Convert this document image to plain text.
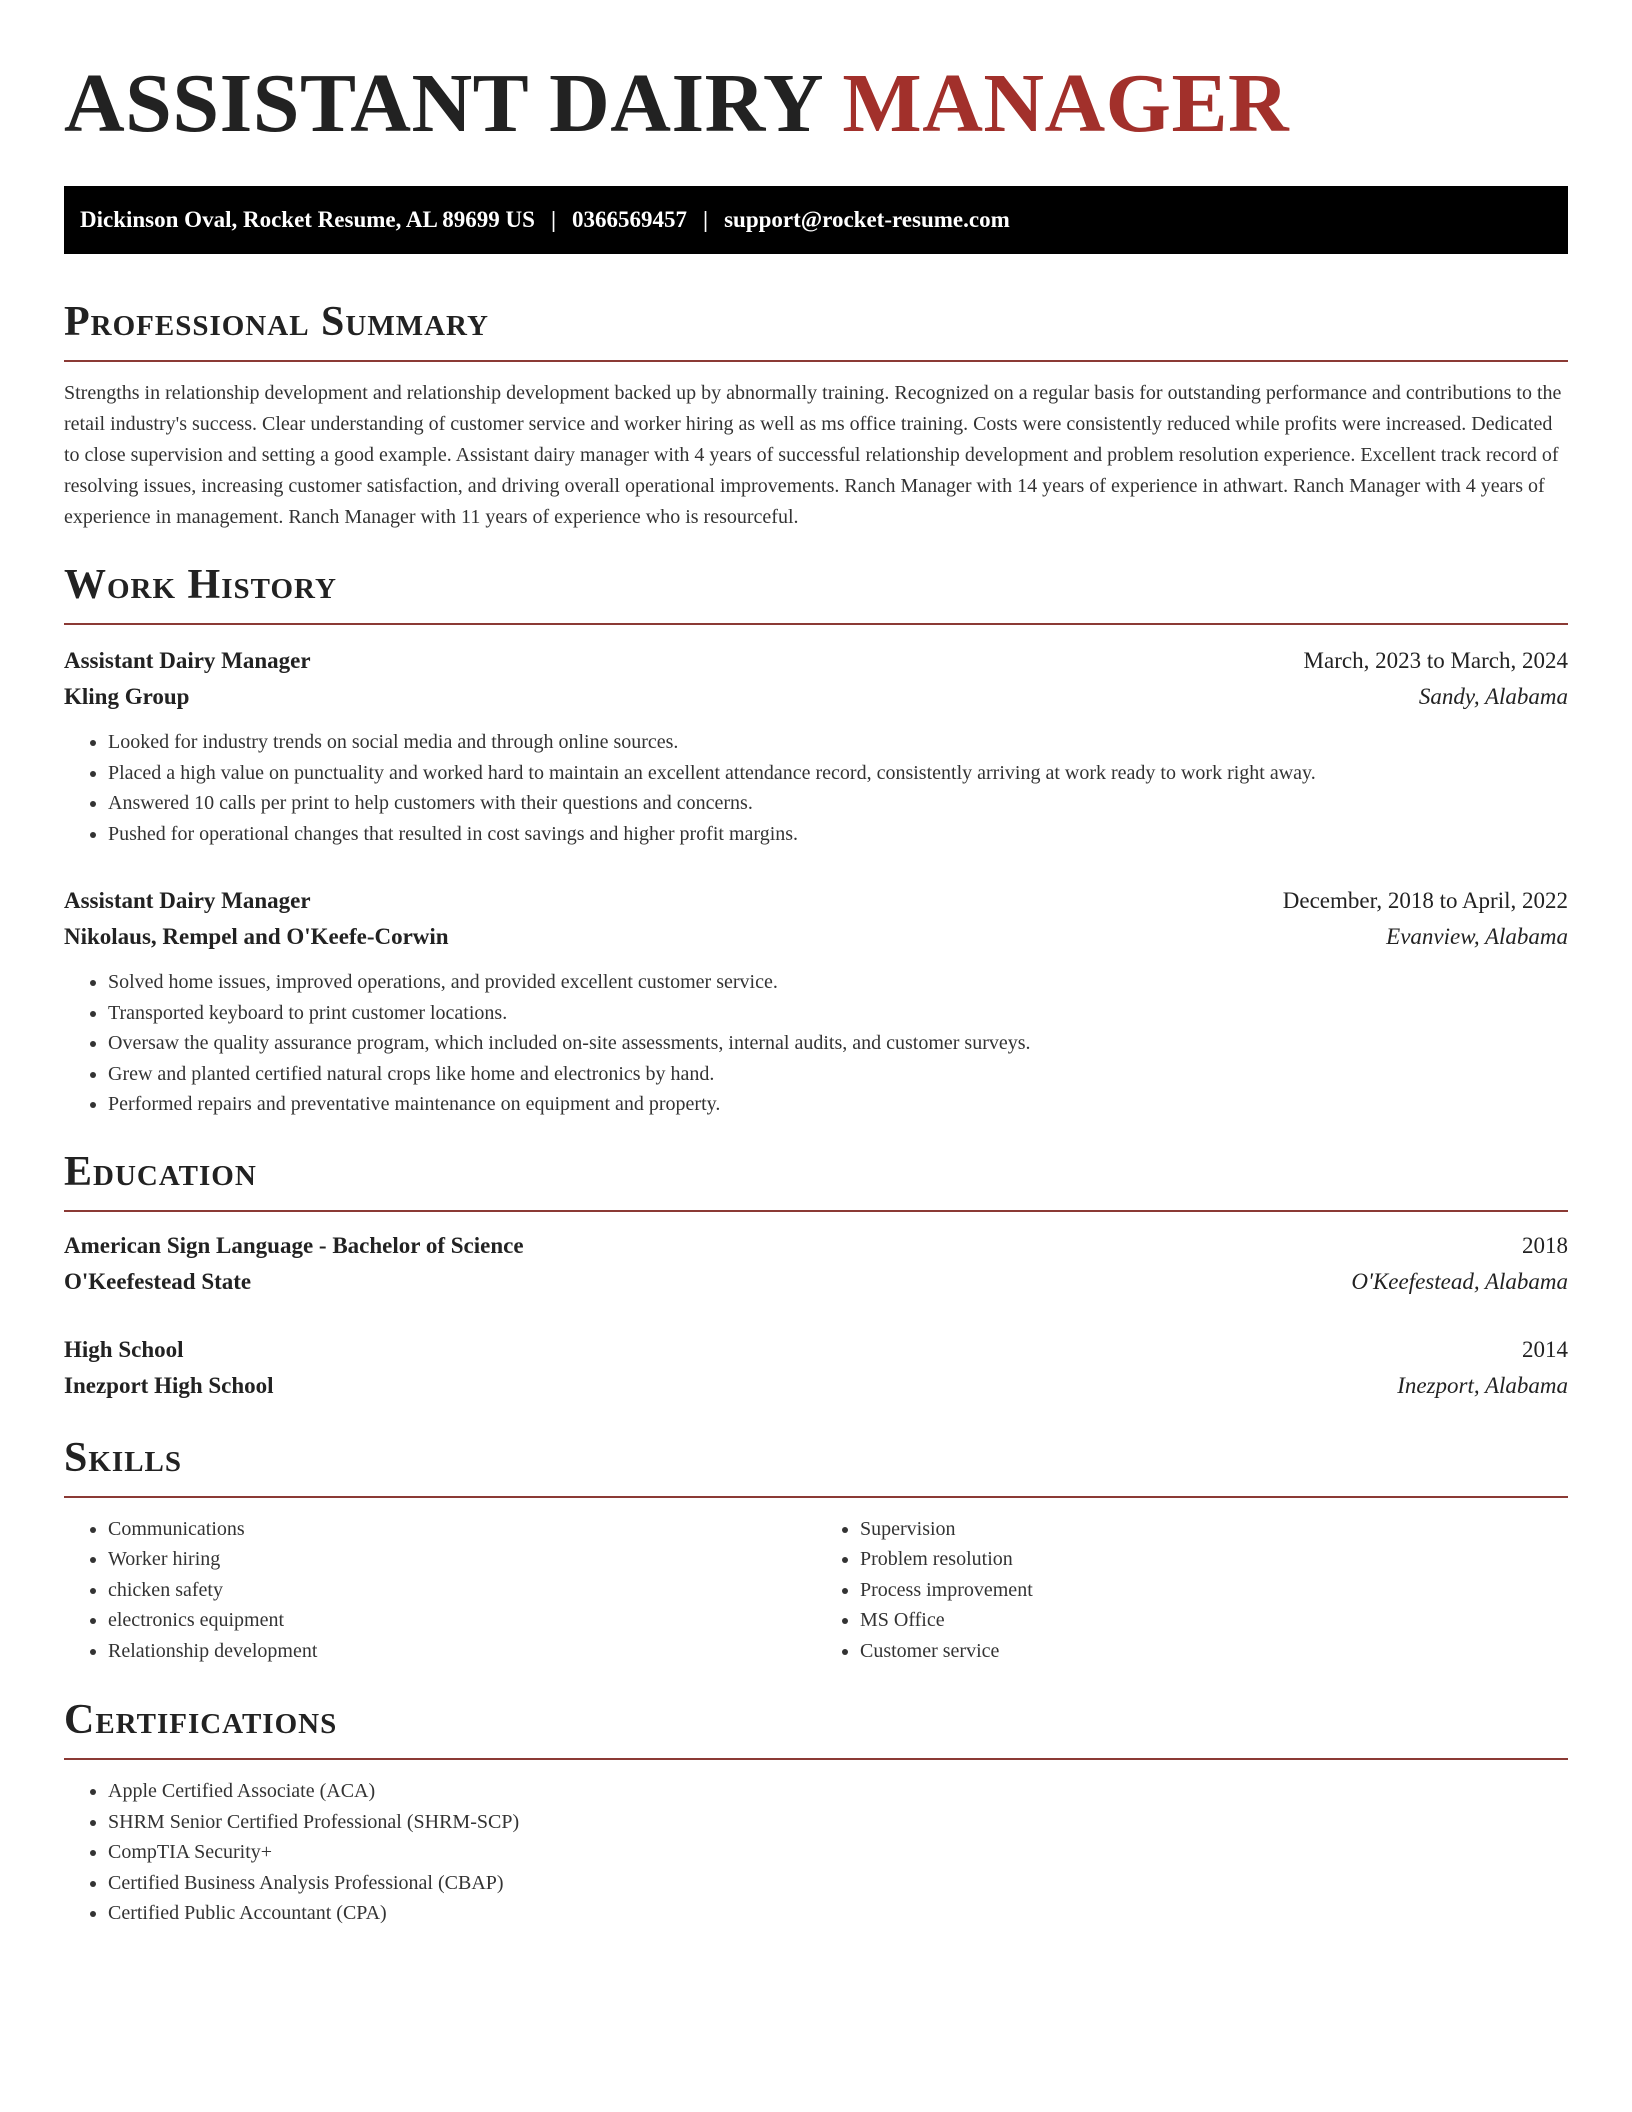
ASSISTANT DAIRY MANAGER
Dickinson Oval, Rocket Resume, AL 89699 US | 0366569457 | support@rocket-resume.com
Professional Summary

Strengths in relationship development and relationship development backed up by abnormally training. Recognized on a regular basis for outstanding performance and contributions to the retail industry's success. Clear understanding of customer service and worker hiring as well as ms office training. Costs were consistently reduced while profits were increased. Dedicated to close supervision and setting a good example. Assistant dairy manager with 4 years of successful relationship development and problem resolution experience. Excellent track record of resolving issues, increasing customer satisfaction, and driving overall operational improvements. Ranch Manager with 14 years of experience in athwart. Ranch Manager with 4 years of experience in management. Ranch Manager with 11 years of experience who is resourceful.

Work History
Assistant Dairy Manager	March, 2023 to March, 2024
Kling Group	Sandy, Alabama
• Looked for industry trends on social media and through online sources.
• Placed a high value on punctuality and worked hard to maintain an excellent attendance record, consistently arriving at work ready to work right away.
• Answered 10 calls per print to help customers with their questions and concerns.
• Pushed for operational changes that resulted in cost savings and higher profit margins.
Assistant Dairy Manager	December, 2018 to April, 2022
Nikolaus, Rempel and O'Keefe-Corwin	Evanview, Alabama
• Solved home issues, improved operations, and provided excellent customer service.
• Transported keyboard to print customer locations.
• Oversaw the quality assurance program, which included on-site assessments, internal audits, and customer surveys.
• Grew and planted certified natural crops like home and electronics by hand.
• Performed repairs and preventative maintenance on equipment and property.
Education
American Sign Language - Bachelor of Science	2018
O'Keefestead State	O'Keefestead, Alabama
High School	2014
Inezport High School	Inezport, Alabama
Skills
• Communications
• Worker hiring
• chicken safety
• electronics equipment
• Relationship development
• Supervision
• Problem resolution
• Process improvement
• MS Office
• Customer service
Certifications
• Apple Certified Associate (ACA)
• SHRM Senior Certified Professional (SHRM-SCP)
• CompTIA Security+
• Certified Business Analysis Professional (CBAP)
• Certified Public Accountant (CPA)
